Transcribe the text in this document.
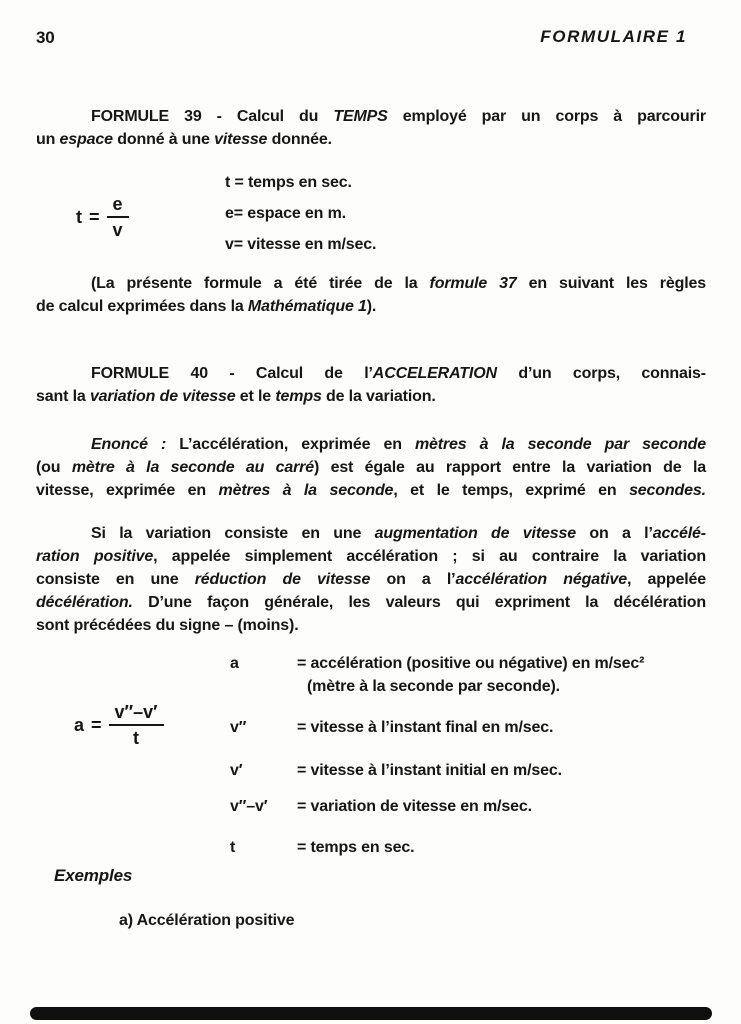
30	FORMULAIRE 1
FORMULE 39 - Calcul du TEMPS employé par un corps à parcourir
un espace donné à une vitesse donnée.
$t = \frac{e}{v}$
t = temps en sec.
e= espace en m.
v= vitesse en m/sec.
(La présente formule a été tirée de la formule 37 en suivant les règles
de calcul exprimées dans la Mathématique 1).
FORMULE 40 - Calcul de l’ACCELERATION d’un corps, connais-
sant la variation de vitesse et le temps de la variation.
Enoncé : L’accélération, exprimée en mètres à la seconde par seconde
(ou mètre à la seconde au carré) est égale au rapport entre la variation de la
vitesse, exprimée en mètres à la seconde, et le temps, exprimé en secondes.
Si la variation consiste en une augmentation de vitesse on a l’accélé-
ration positive, appelée simplement accélération ; si au contraire la variation
consiste en une réduction de vitesse on a l’accélération négative, appelée
décélération. D’une façon générale, les valeurs qui expriment la décélération
sont précédées du signe – (moins).
$a = \frac{v''-v'}{t}$
a	= accélération (positive ou négative) en m/sec²
(mètre à la seconde par seconde).
v″	= vitesse à l’instant final en m/sec.
v′	= vitesse à l’instant initial en m/sec.
v″–v′ = variation de vitesse en m/sec.
t	= temps en sec.
Exemples
a) Accélération positive
